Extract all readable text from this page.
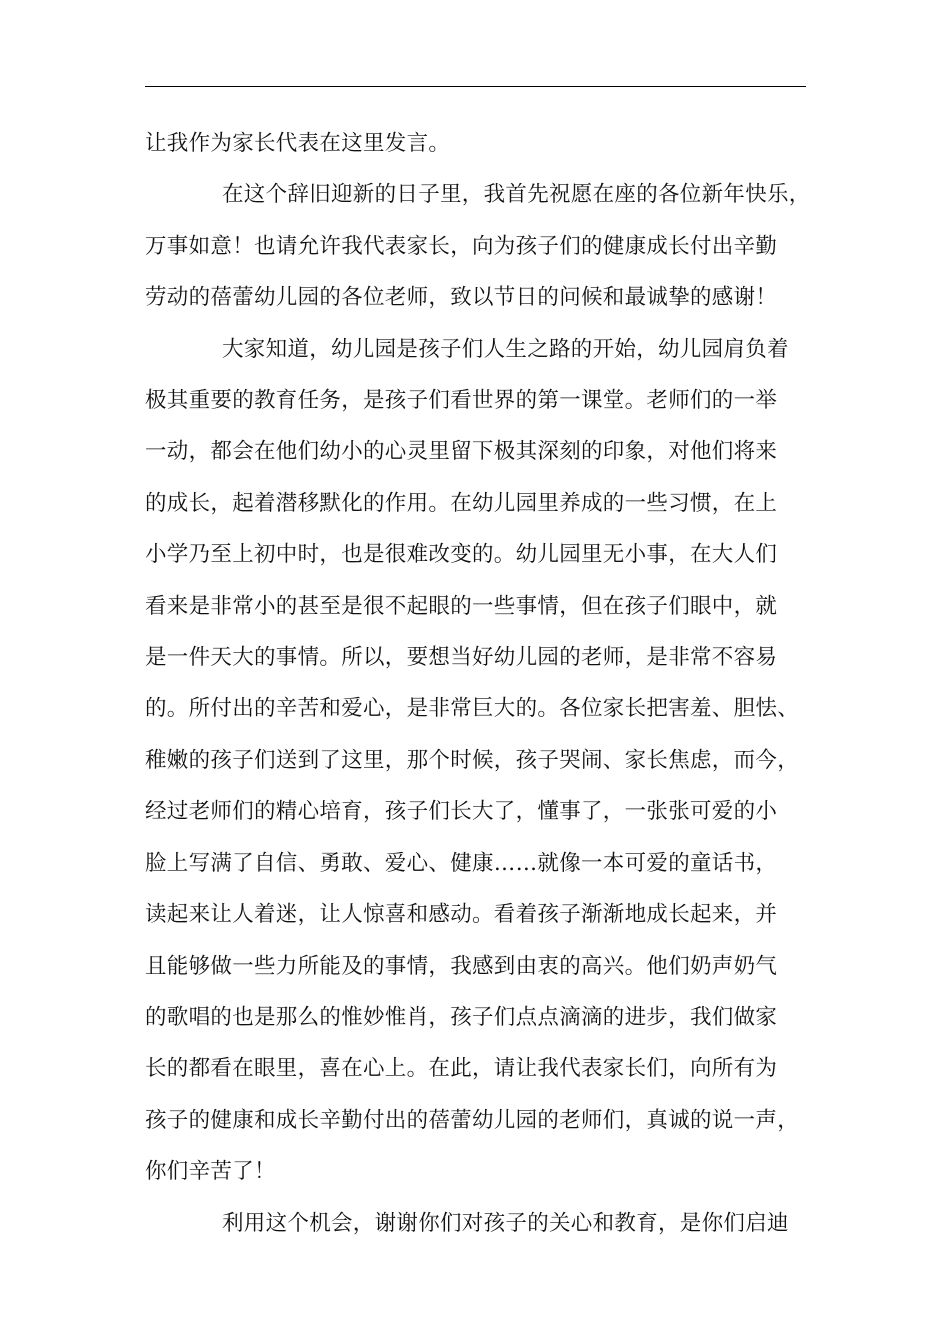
让我作为家长代表在这里发言。

在这个辞旧迎新的日子里，我首先祝愿在座的各位新年快乐，
万事如意！也请允许我代表家长，向为孩子们的健康成长付出辛勤
劳动的蓓蕾幼儿园的各位老师，致以节日的问候和最诚挚的感谢！

大家知道，幼儿园是孩子们人生之路的开始，幼儿园肩负着
极其重要的教育任务，是孩子们看世界的第一课堂。老师们的一举
一动，都会在他们幼小的心灵里留下极其深刻的印象，对他们将来
的成长，起着潜移默化的作用。在幼儿园里养成的一些习惯，在上
小学乃至上初中时，也是很难改变的。幼儿园里无小事，在大人们
看来是非常小的甚至是很不起眼的一些事情，但在孩子们眼中，就
是一件天大的事情。所以，要想当好幼儿园的老师，是非常不容易
的。所付出的辛苦和爱心，是非常巨大的。各位家长把害羞、胆怯、
稚嫩的孩子们送到了这里，那个时候，孩子哭闹、家长焦虑，而今，
经过老师们的精心培育，孩子们长大了，懂事了，一张张可爱的小
脸上写满了自信、勇敢、爱心、健康……就像一本可爱的童话书，
读起来让人着迷，让人惊喜和感动。看着孩子渐渐地成长起来，并
且能够做一些力所能及的事情，我感到由衷的高兴。他们奶声奶气
的歌唱的也是那么的惟妙惟肖，孩子们点点滴滴的进步，我们做家
长的都看在眼里，喜在心上。在此，请让我代表家长们，向所有为
孩子的健康和成长辛勤付出的蓓蕾幼儿园的老师们，真诚的说一声，
你们辛苦了！

利用这个机会，谢谢你们对孩子的关心和教育，是你们启迪
